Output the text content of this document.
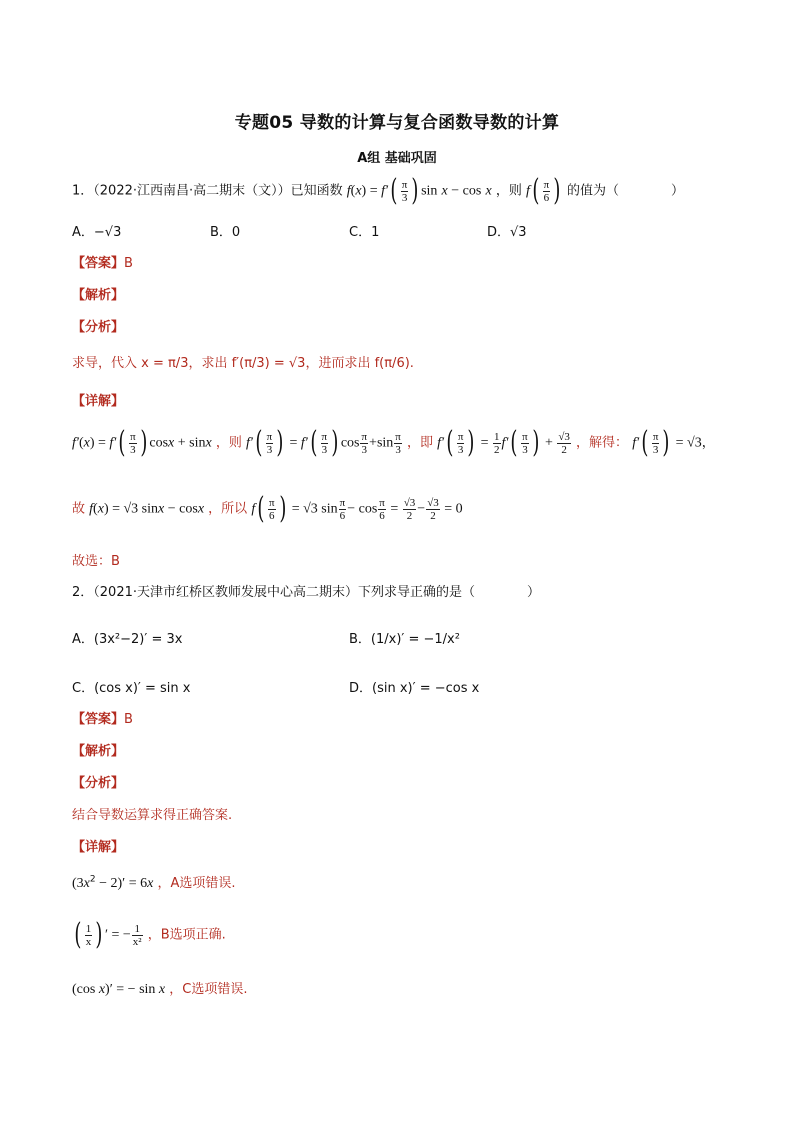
专题05 导数的计算与复合函数导数的计算
A组 基础巩固
1．（2022·江西南昌·高二期末（文））已知函数 $f(x) = f'( \frac{\pi}{3}$ ) sin x − cos x ，则 $f( \frac{\pi}{6}$ ) 的值为（　　　　）
A．−√3	B．0	C．1	D．√3
【答案】B
【解析】
【分析】
求导，代入 x = π/3，求出 f′(π/3) = √3，进而求出 f(π/6).
【详解】
$f'(x) = f'( \frac{\pi}{3}$ ) cosx + sinx ，则 $f'( \frac{\pi}{3}$ ) = $f'( \frac{\pi}{3}$ ) $\cos \frac{\pi}{3} +\sin \frac{\pi}{3}$ ，即 $f'( \frac{\pi}{3}$ ) = $\frac{1}{2} f'( \frac{\pi}{3}$ ) + $\frac{√3}{2}$ ，解得： $f'( \frac{\pi}{3}$ ) = √3，
故 f(x) = √3 sinx − cosx ，所以 $f( \frac{\pi}{6}$ ) = √3 $\sin \frac{\pi}{6} - \cos \frac{\pi}{6} = \frac{√3}{2} - \frac{√3}{2} = 0$
故选：B
2．（2021·天津市红桥区教师发展中心高二期末）下列求导正确的是（　　　　）
A．(3x²−2)′ = 3x	B．(1/x)′ = −1/x²
C．(cos x)′ = sin x	D．(sin x)′ = −cos x
【答案】B
【解析】
【分析】
结合导数运算求得正确答案.
【详解】
$(3x^2 - 2)' = 6x$ ，A选项错误.
( $\frac{1}{x}$ ) ′ = − $\frac{1}{\text{x²}}$ ，B选项正确.
(cos x)′ = − sin x ，C选项错误.
